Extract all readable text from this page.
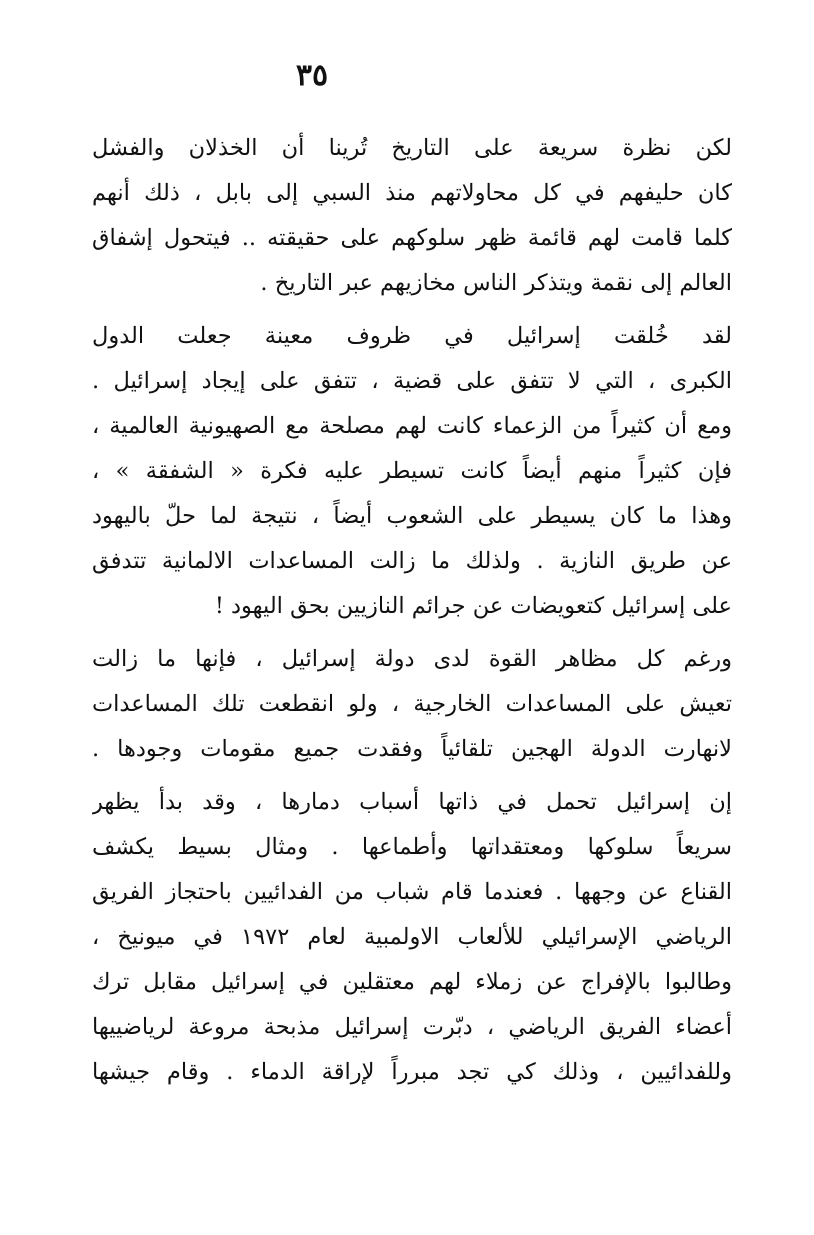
٣٥
لكن نظرة سريعة على التاريخ تُرينا أن الخذلان والفشل
كان حليفهم في كل محاولاتهم منذ السبي إلى بابل ، ذلك أنهم
كلما قامت لهم قائمة ظهر سلوكهم على حقيقته .. فيتحول إشفاق
العالم إلى نقمة ويتذكر الناس مخازيهم عبر التاريخ .
لقد خُلقت إسرائيل في ظروف معينة جعلت الدول
الكبرى ، التي لا تتفق على قضية ، تتفق على إيجاد إسرائيل .
ومع أن كثيراً من الزعماء كانت لهم مصلحة مع الصهيونية العالمية ،
فإن كثيراً منهم أيضاً كانت تسيطر عليه فكرة « الشفقة » ،
وهذا ما كان يسيطر على الشعوب أيضاً ، نتيجة لما حلّ باليهود
عن طريق النازية . ولذلك ما زالت المساعدات الالمانية تتدفق
على إسرائيل كتعويضات عن جرائم النازيين بحق اليهود !
ورغم كل مظاهر القوة لدى دولة إسرائيل ، فإنها ما زالت
تعيش على المساعدات الخارجية ، ولو انقطعت تلك المساعدات
لانهارت الدولة الهجين تلقائياً وفقدت جميع مقومات وجودها .
إن إسرائيل تحمل في ذاتها أسباب دمارها ، وقد بدأ يظهر
سريعاً سلوكها ومعتقداتها وأطماعها . ومثال بسيط يكشف
القناع عن وجهها . فعندما قام شباب من الفدائيين باحتجاز الفريق
الرياضي الإسرائيلي للألعاب الاولمبية لعام ١٩٧٢ في ميونيخ ،
وطالبوا بالإفراج عن زملاء لهم معتقلين في إسرائيل مقابل ترك
أعضاء الفريق الرياضي ، دبّرت إسرائيل مذبحة مروعة لرياضييها
وللفدائيين ، وذلك كي تجد مبرراً لإراقة الدماء . وقام جيشها
